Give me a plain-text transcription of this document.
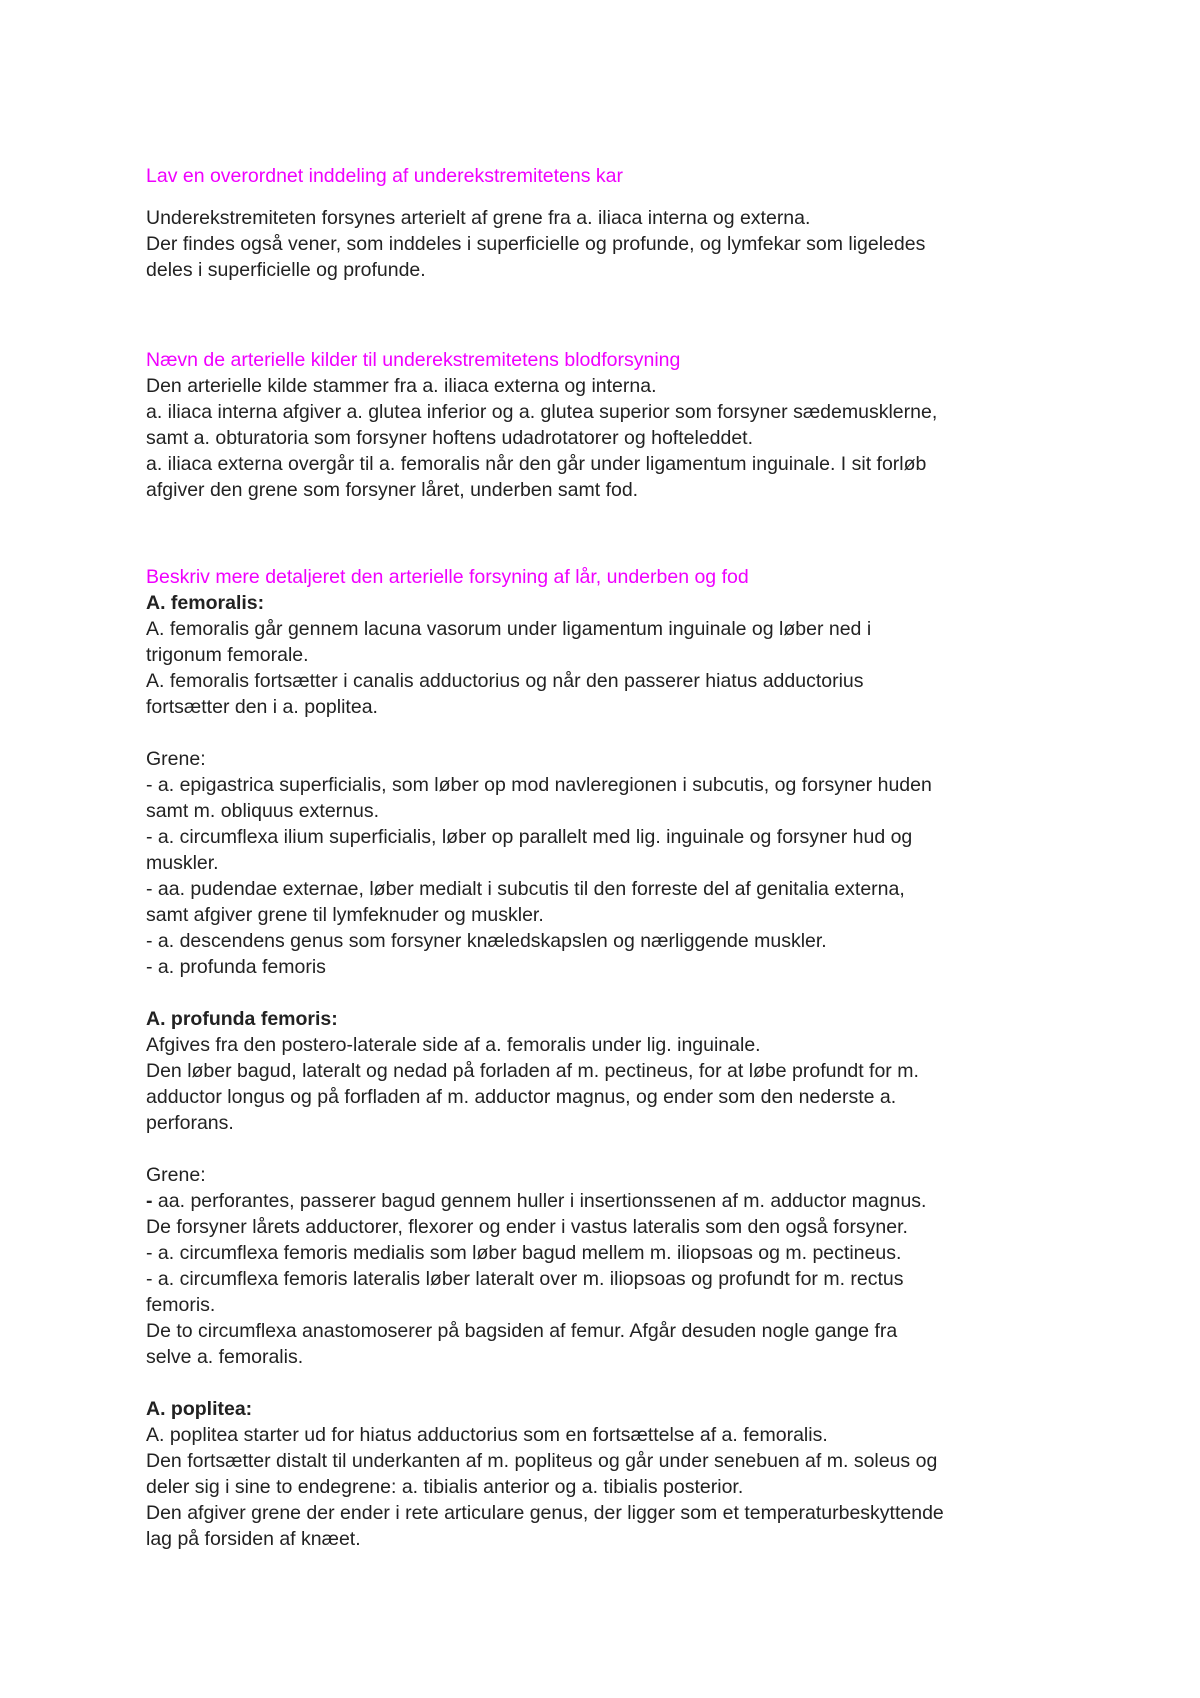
Lav en overordnet inddeling af underekstremitetens kar
Underekstremiteten forsynes arterielt af grene fra a. iliaca interna og externa.
Der findes også vener, som inddeles i superficielle og profunde, og lymfekar som ligeledes
deles i superficielle og profunde.
Nævn de arterielle kilder til underekstremitetens blodforsyning
Den arterielle kilde stammer fra a. iliaca externa og interna.
a. iliaca interna afgiver a. glutea inferior og a. glutea superior som forsyner sædemusklerne,
samt a. obturatoria som forsyner hoftens udadrotatorer og hofteleddet.
a. iliaca externa overgår til a. femoralis når den går under ligamentum inguinale. I sit forløb
afgiver den grene som forsyner låret, underben samt fod.
Beskriv mere detaljeret den arterielle forsyning af lår, underben og fod
A. femoralis:
A. femoralis går gennem lacuna vasorum under ligamentum inguinale og løber ned i
trigonum femorale.
A. femoralis fortsætter i canalis adductorius og når den passerer hiatus adductorius
fortsætter den i a. poplitea.
Grene:
- a. epigastrica superficialis, som løber op mod navleregionen i subcutis, og forsyner huden
samt m. obliquus externus.
- a. circumflexa ilium superficialis, løber op parallelt med lig. inguinale og forsyner hud og
muskler.
- aa. pudendae externae, løber medialt i subcutis til den forreste del af genitalia externa,
samt afgiver grene til lymfeknuder og muskler.
- a. descendens genus som forsyner knæledskapslen og nærliggende muskler.
- a. profunda femoris
A. profunda femoris:
Afgives fra den postero-laterale side af a. femoralis under lig. inguinale.
Den løber bagud, lateralt og nedad på forladen af m. pectineus, for at løbe profundt for m.
adductor longus og på forfladen af m. adductor magnus, og ender som den nederste a.
perforans.
Grene:
- aa. perforantes, passerer bagud gennem huller i insertionssenen af m. adductor magnus.
De forsyner lårets adductorer, flexorer og ender i vastus lateralis som den også forsyner.
- a. circumflexa femoris medialis som løber bagud mellem m. iliopsoas og m. pectineus.
- a. circumflexa femoris lateralis løber lateralt over m. iliopsoas og profundt for m. rectus
femoris.
De to circumflexa anastomoserer på bagsiden af femur. Afgår desuden nogle gange fra
selve a. femoralis.
A. poplitea:
A. poplitea starter ud for hiatus adductorius som en fortsættelse af a. femoralis.
Den fortsætter distalt til underkanten af m. popliteus og går under senebuen af m. soleus og
deler sig i sine to endegrene: a. tibialis anterior og a. tibialis posterior.
Den afgiver grene der ender i rete articulare genus, der ligger som et temperaturbeskyttende
lag på forsiden af knæet.
